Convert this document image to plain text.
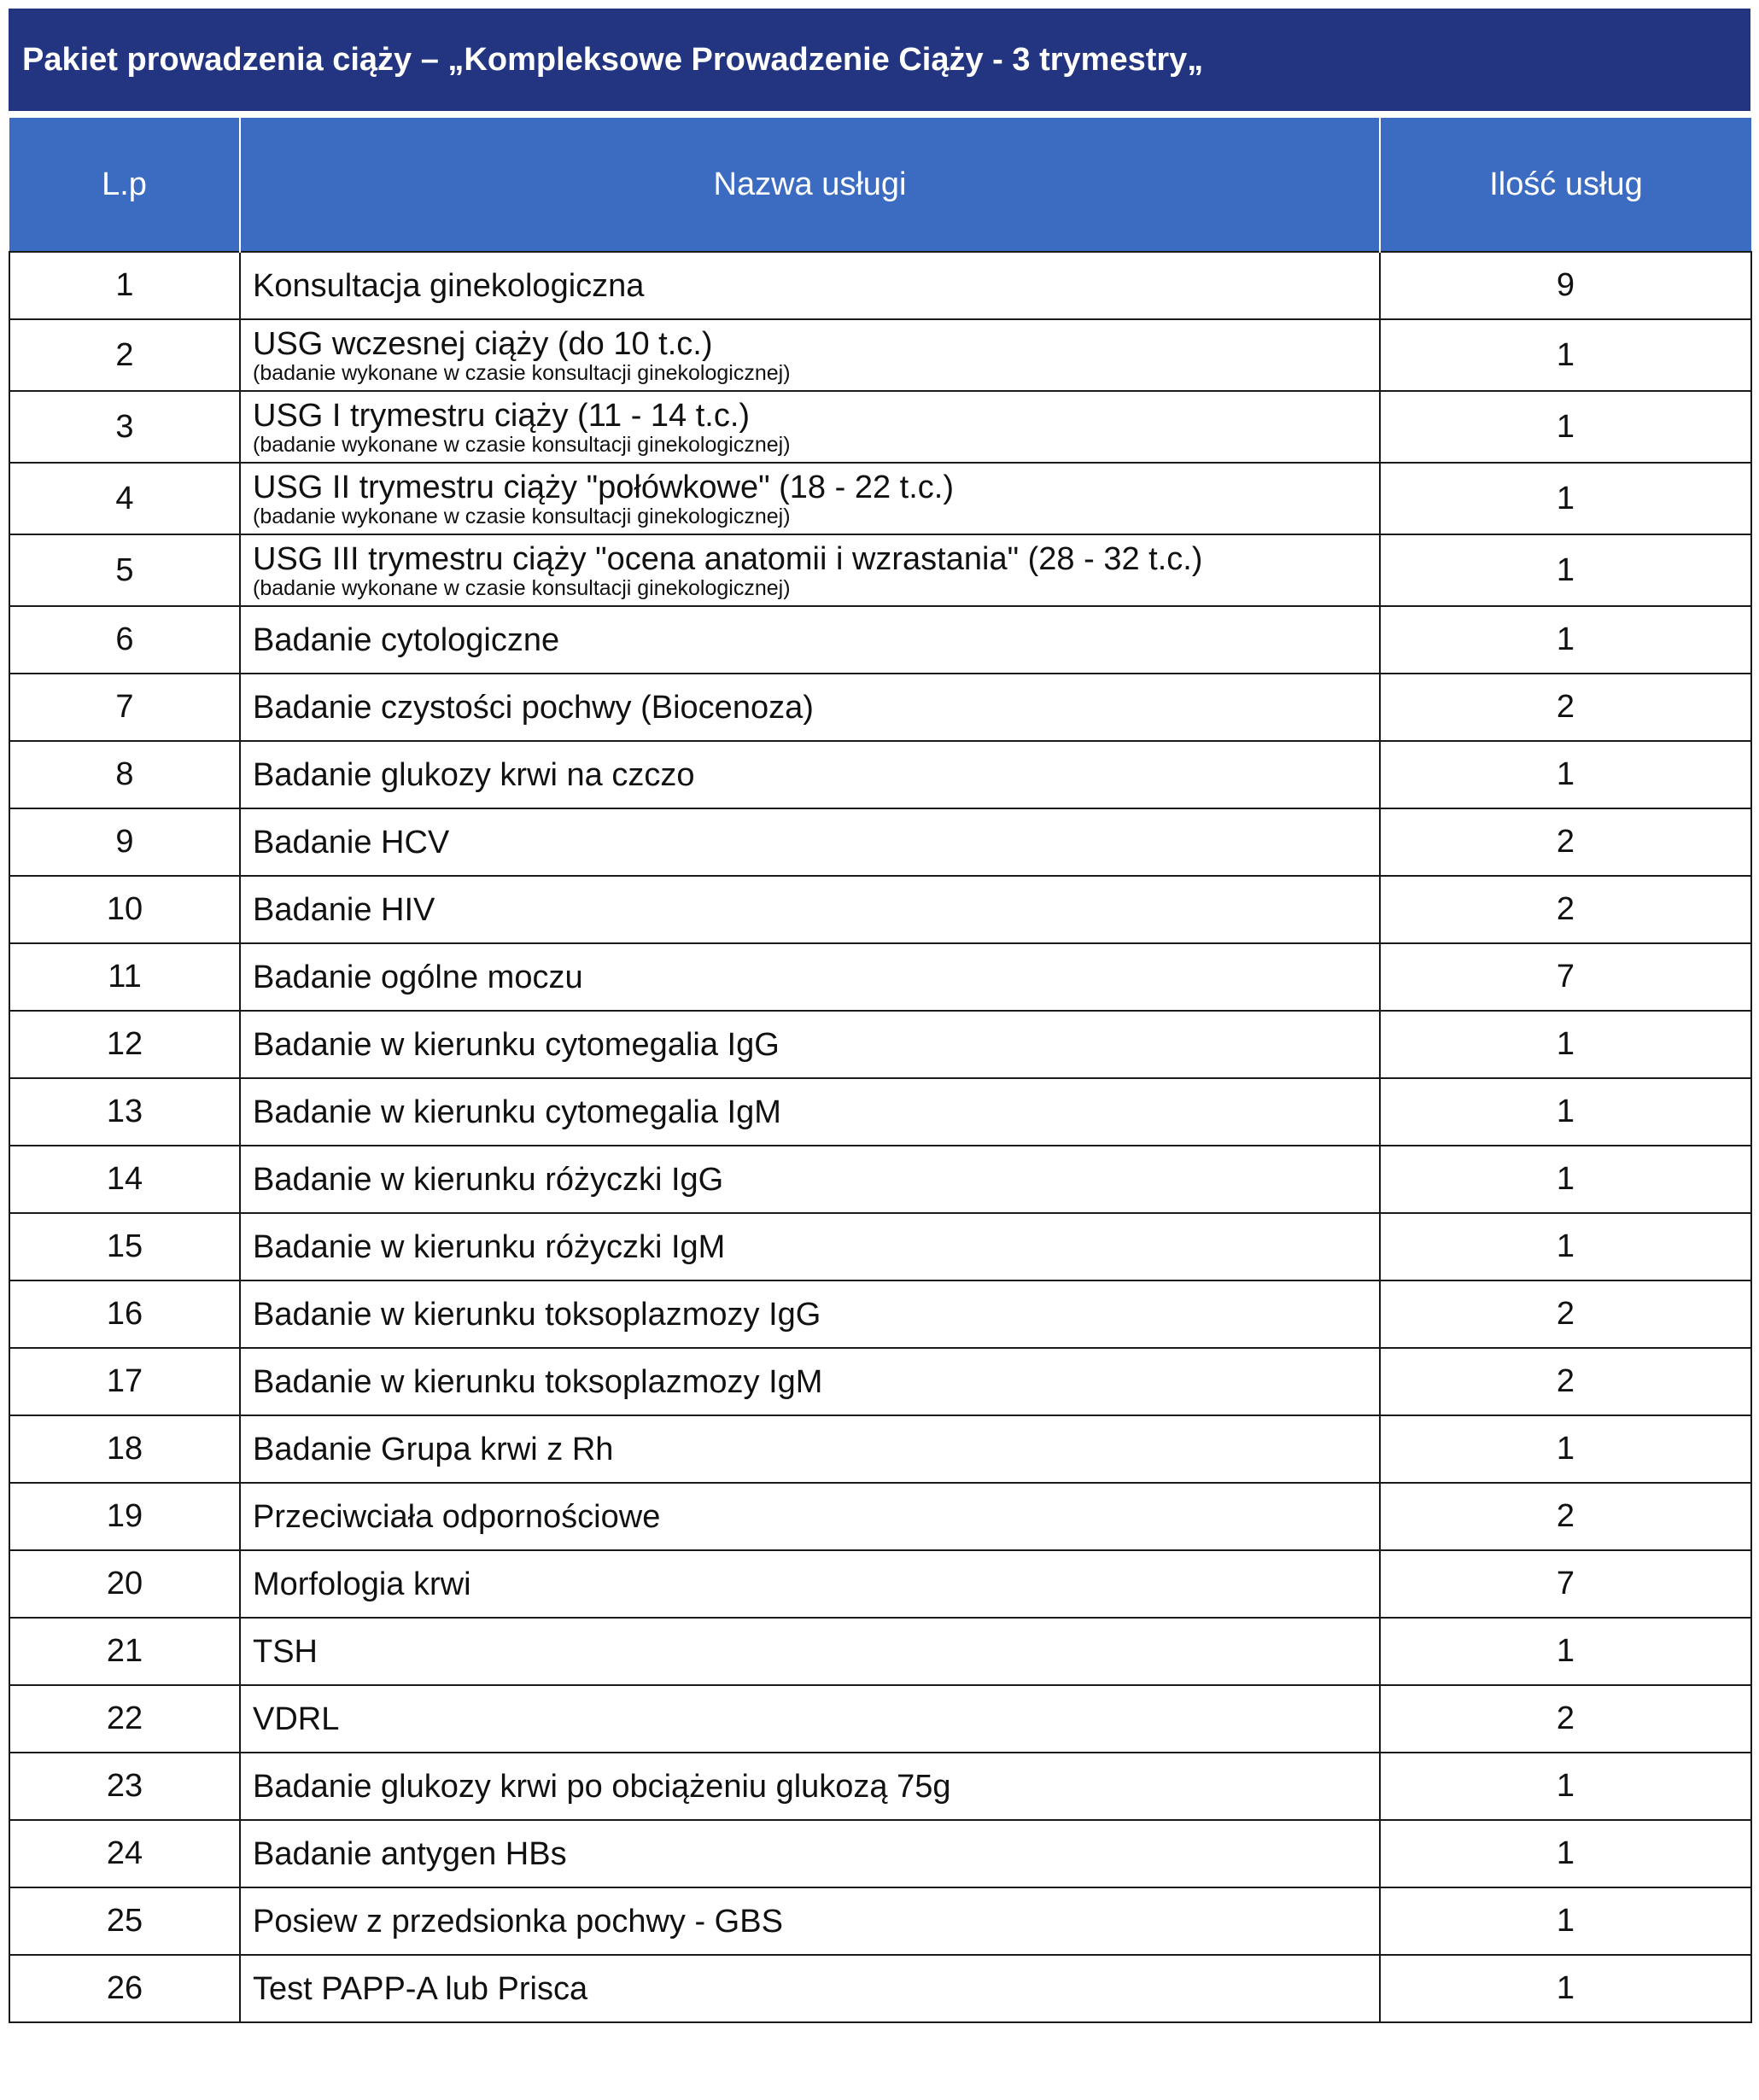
Pakiet prowadzenia ciąży – „Kompleksowe Prowadzenie Ciąży - 3 trymestry„
L.p	Nazwa usługi	Ilość usług
1	Konsultacja ginekologiczna	9
2	USG wczesnej ciąży (do 10 t.c.)
(badanie wykonane w czasie konsultacji ginekologicznej)	1
3	USG I trymestru ciąży (11 - 14 t.c.)
(badanie wykonane w czasie konsultacji ginekologicznej)	1
4	USG II trymestru ciąży "połówkowe" (18 - 22 t.c.)
(badanie wykonane w czasie konsultacji ginekologicznej)	1
5	USG III trymestru ciąży "ocena anatomii i wzrastania" (28 - 32 t.c.)
(badanie wykonane w czasie konsultacji ginekologicznej)	1
6	Badanie cytologiczne	1
7	Badanie czystości pochwy (Biocenoza)	2
8	Badanie glukozy krwi na czczo	1
9	Badanie HCV	2
10	Badanie HIV	2
11	Badanie ogólne moczu	7
12	Badanie w kierunku cytomegalia IgG	1
13	Badanie w kierunku cytomegalia IgM	1
14	Badanie w kierunku różyczki IgG	1
15	Badanie w kierunku różyczki IgM	1
16	Badanie w kierunku toksoplazmozy IgG	2
17	Badanie w kierunku toksoplazmozy IgM	2
18	Badanie Grupa krwi z Rh	1
19	Przeciwciała odpornościowe	2
20	Morfologia krwi	7
21	TSH	1
22	VDRL	2
23	Badanie glukozy krwi po obciążeniu glukozą 75g	1
24	Badanie antygen HBs	1
25	Posiew z przedsionka pochwy - GBS	1
26	Test PAPP-A lub Prisca	1
